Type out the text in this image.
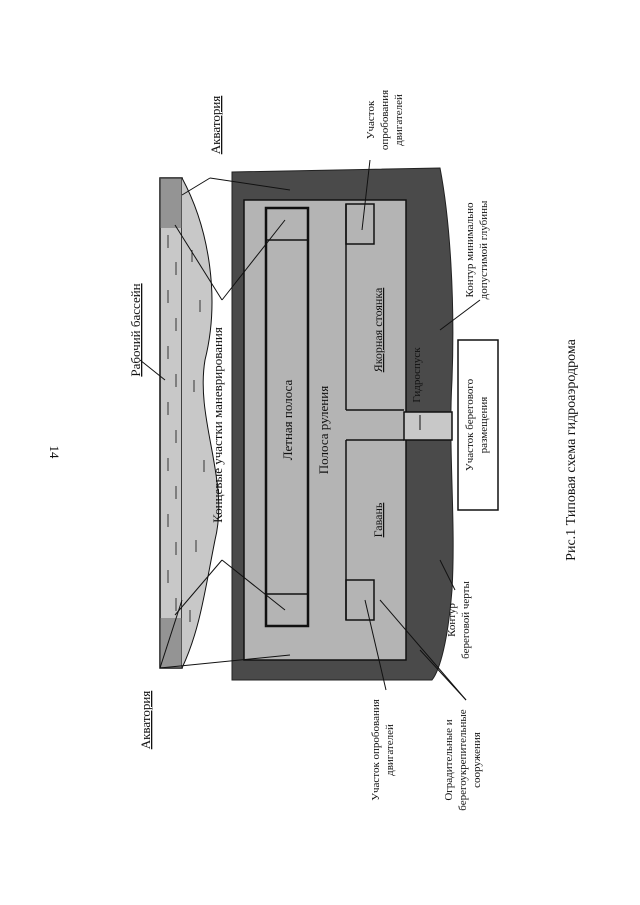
14
Акватория
Акватория
Рабочий бассейн	Концевые участки маневрирования	Летная полоса Полоса руления
Гавань
Якорная стоянка
Гидроспуск
Участок берегового размещения
Участок опробования двигателей
Контур минимально допустимой глубины
Контур береговой черты
Оградительные и берегоукрепительные сооружения
Участок опробования двигателей
Рис.1 Типовая схема гидроаэродрома
